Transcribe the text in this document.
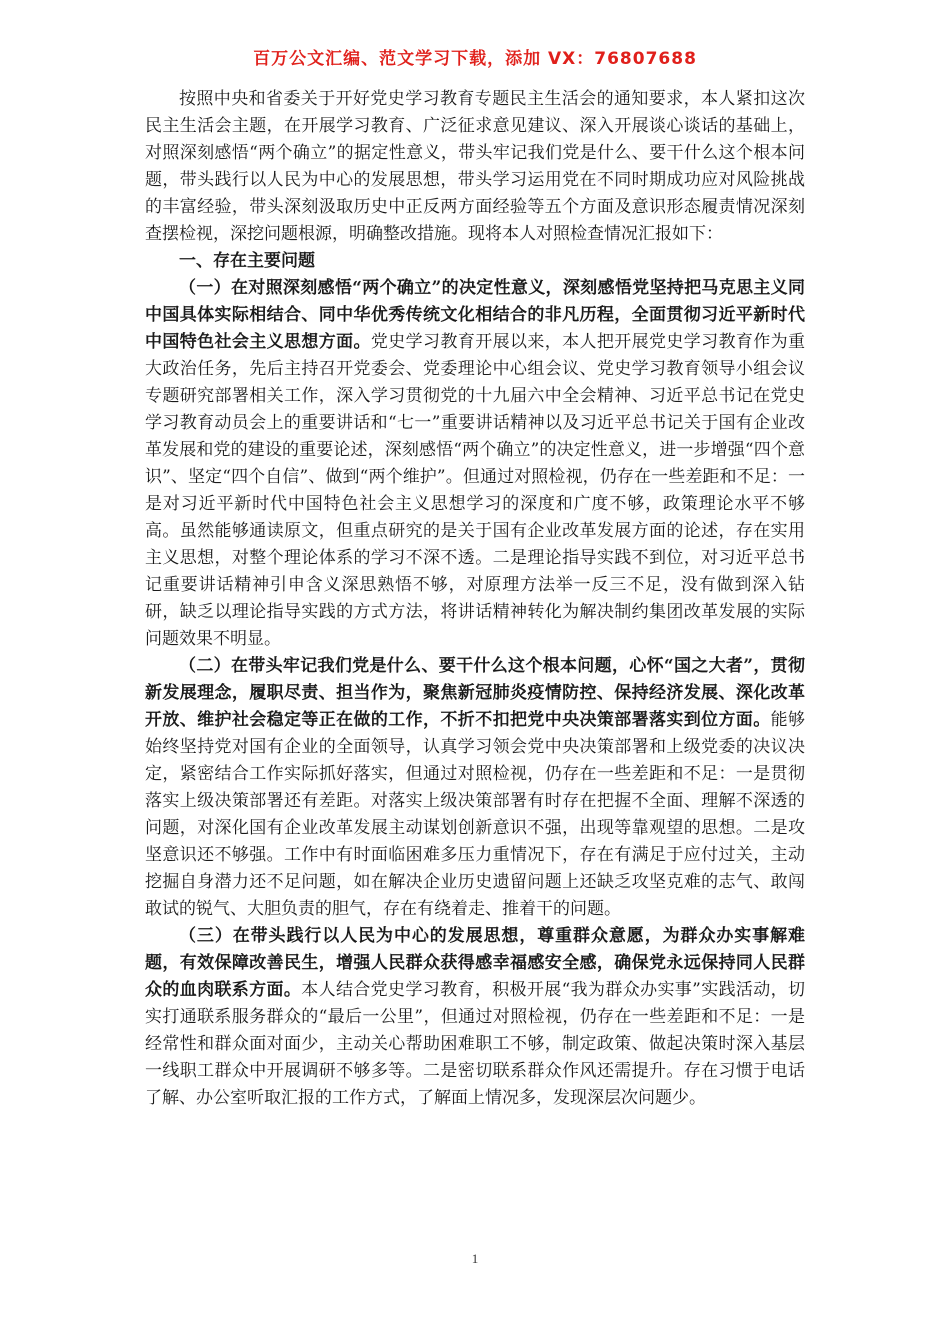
百万公文汇编、范文学习下载，添加 VX：76807688

按照中央和省委关于开好党史学习教育专题民主生活会的通知要求，本人紧扣这次民主生活会主题，在开展学习教育、广泛征求意见建议、深入开展谈心谈话的基础上，对照深刻感悟“两个确立”的据定性意义，带头牢记我们党是什么、要干什么这个根本问题，带头践行以人民为中心的发展思想，带头学习运用党在不同时期成功应对风险挑战的丰富经验，带头深刻汲取历史中正反两方面经验等五个方面及意识形态履责情况深刻查摆检视，深挖问题根源，明确整改措施。现将本人对照检查情况汇报如下：

一、存在主要问题

（一）在对照深刻感悟“两个确立”的决定性意义，深刻感悟党坚持把马克思主义同中国具体实际相结合、同中华优秀传统文化相结合的非凡历程，全面贯彻习近平新时代中国特色社会主义思想方面。党史学习教育开展以来，本人把开展党史学习教育作为重大政治任务，先后主持召开党委会、党委理论中心组会议、党史学习教育领导小组会议专题研究部署相关工作，深入学习贯彻党的十九届六中全会精神、习近平总书记在党史学习教育动员会上的重要讲话和“七一”重要讲话精神以及习近平总书记关于国有企业改革发展和党的建设的重要论述，深刻感悟“两个确立”的决定性意义，进一步增强“四个意识”、坚定“四个自信”、做到“两个维护”。但通过对照检视，仍存在一些差距和不足：一是对习近平新时代中国特色社会主义思想学习的深度和广度不够，政策理论水平不够高。虽然能够通读原文，但重点研究的是关于国有企业改革发展方面的论述，存在实用主义思想，对整个理论体系的学习不深不透。二是理论指导实践不到位，对习近平总书记重要讲话精神引申含义深思熟悟不够，对原理方法举一反三不足，没有做到深入钻研，缺乏以理论指导实践的方式方法，将讲话精神转化为解决制约集团改革发展的实际问题效果不明显。

（二）在带头牢记我们党是什么、要干什么这个根本问题，心怀“国之大者”，贯彻新发展理念，履职尽责、担当作为，聚焦新冠肺炎疫情防控、保持经济发展、深化改革开放、维护社会稳定等正在做的工作，不折不扣把党中央决策部署落实到位方面。能够始终坚持党对国有企业的全面领导，认真学习领会党中央决策部署和上级党委的决议决定，紧密结合工作实际抓好落实，但通过对照检视，仍存在一些差距和不足：一是贯彻落实上级决策部署还有差距。对落实上级决策部署有时存在把握不全面、理解不深透的问题，对深化国有企业改革发展主动谋划创新意识不强，出现等靠观望的思想。二是攻坚意识还不够强。工作中有时面临困难多压力重情况下，存在有满足于应付过关，主动挖掘自身潜力还不足问题，如在解决企业历史遗留问题上还缺乏攻坚克难的志气、敢闯敢试的锐气、大胆负责的胆气，存在有绕着走、推着干的问题。

（三）在带头践行以人民为中心的发展思想，尊重群众意愿，为群众办实事解难题，有效保障改善民生，增强人民群众获得感幸福感安全感，确保党永远保持同人民群众的血肉联系方面。本人结合党史学习教育，积极开展“我为群众办实事”实践活动，切实打通联系服务群众的“最后一公里”，但通过对照检视，仍存在一些差距和不足：一是经常性和群众面对面少，主动关心帮助困难职工不够，制定政策、做起决策时深入基层一线职工群众中开展调研不够多等。二是密切联系群众作风还需提升。存在习惯于电话了解、办公室听取汇报的工作方式，了解面上情况多，发现深层次问题少。

1
